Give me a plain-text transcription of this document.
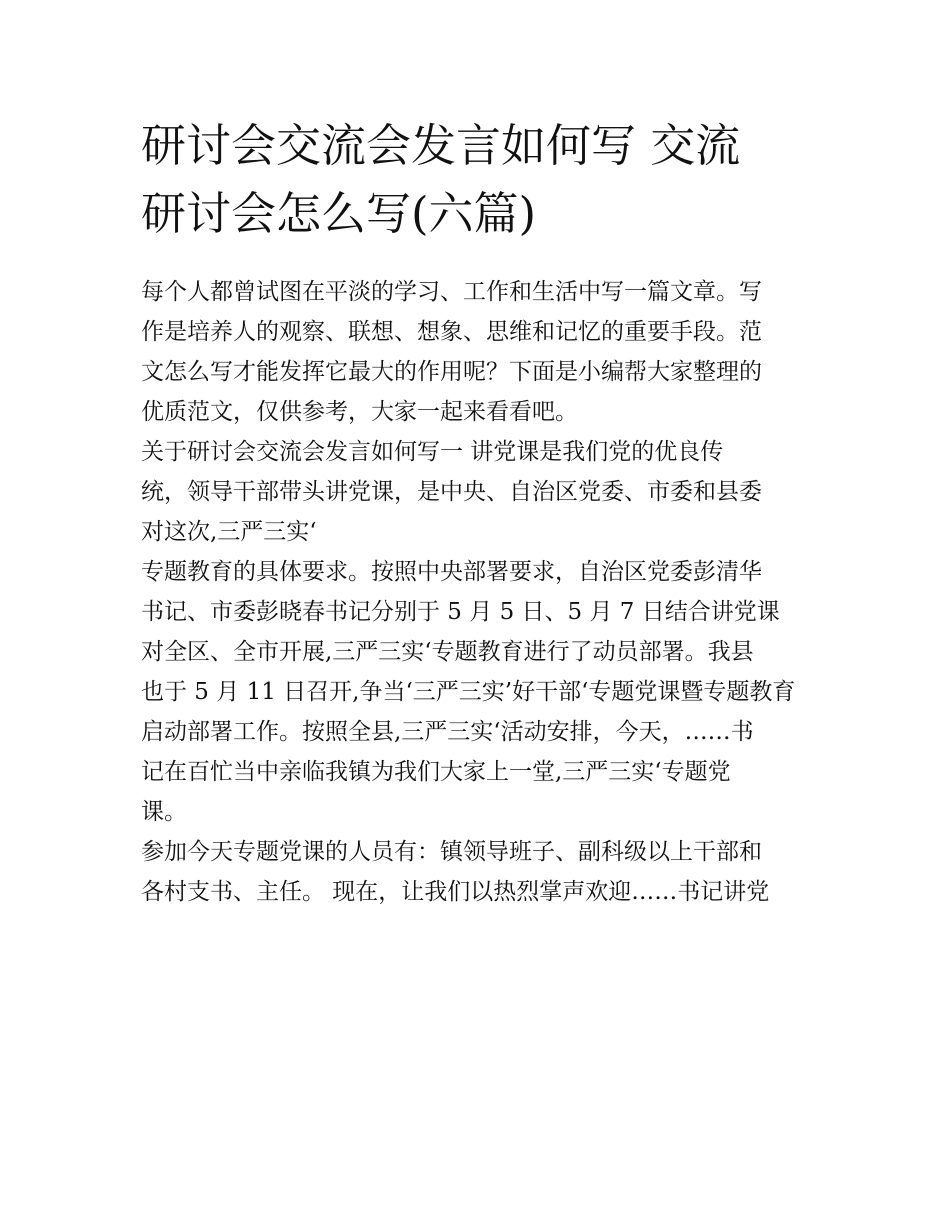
研讨会交流会发言如何写 交流
研讨会怎么写(六篇)
每个人都曾试图在平淡的学习、工作和生活中写一篇文章。写
作是培养人的观察、联想、想象、思维和记忆的重要手段。范
文怎么写才能发挥它最大的作用呢？下面是小编帮大家整理的
优质范文，仅供参考，大家一起来看看吧。
关于研讨会交流会发言如何写一 讲党课是我们党的优良传
统，领导干部带头讲党课，是中央、自治区党委、市委和县委
对这次,三严三实‘
专题教育的具体要求。按照中央部署要求，自治区党委彭清华
书记、市委彭晓春书记分别于 5 月 5 日、5 月 7 日结合讲党课
对全区、全市开展,三严三实‘专题教育进行了动员部署。我县
也于 5 月 11 日召开,争当‘三严三实’好干部‘专题党课暨专题教育
启动部署工作。按照全县,三严三实‘活动安排，今天，……书
记在百忙当中亲临我镇为我们大家上一堂,三严三实‘专题党
课。
参加今天专题党课的人员有：镇领导班子、副科级以上干部和
各村支书、主任。 现在，让我们以热烈掌声欢迎……书记讲党
